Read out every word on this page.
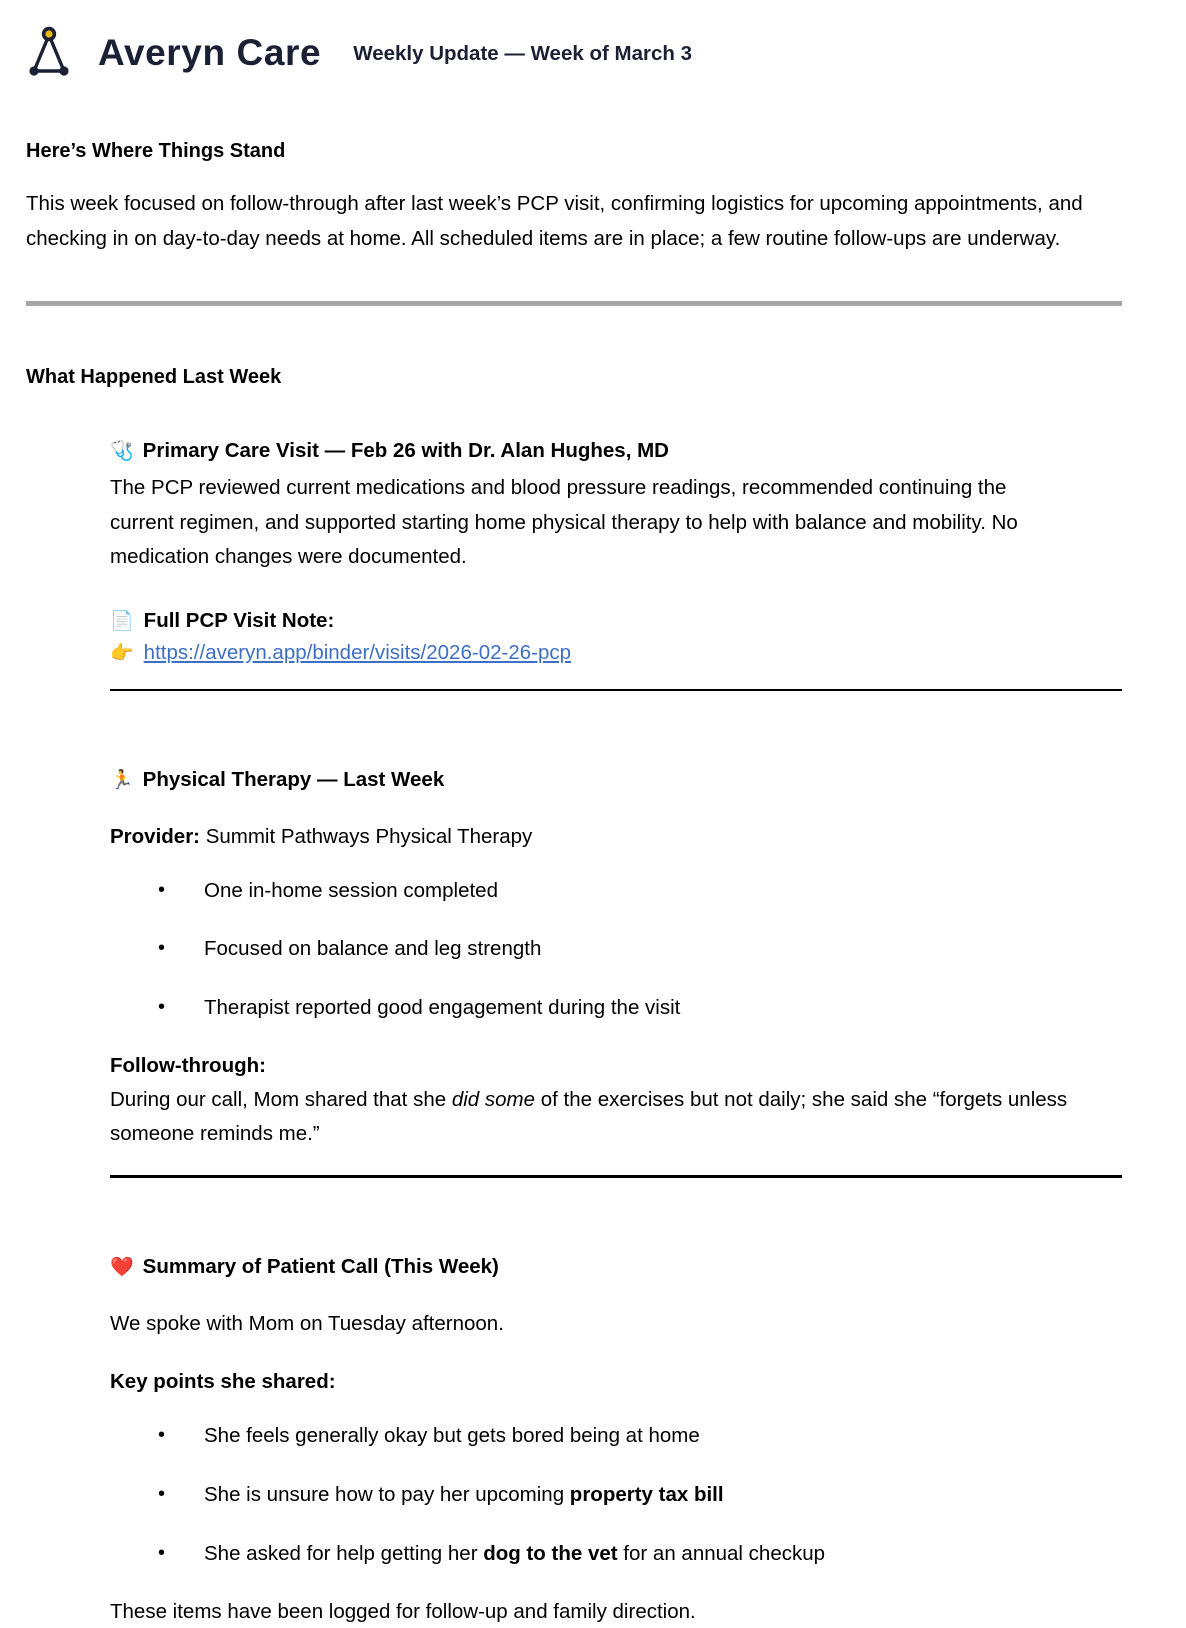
Averyn Care Weekly Update — Week of March 3
Here’s Where Things Stand

This week focused on follow-through after last week’s PCP visit, confirming logistics for upcoming appointments, and checking in on day-to-day needs at home. All scheduled items are in place; a few routine follow-ups are underway.

What Happened Last Week
🩺 Primary Care Visit — Feb 26 with Dr. Alan Hughes, MD

The PCP reviewed current medications and blood pressure readings, recommended continuing the current regimen, and supported starting home physical therapy to help with balance and mobility. No medication changes were documented.

📄 Full PCP Visit Note:
👉 https://averyn.app/binder/visits/2026-02-26-pcp
🏃 Physical Therapy — Last Week

Provider: Summit Pathways Physical Therapy

• One in-home session completed
• Focused on balance and leg strength
• Therapist reported good engagement during the visit

Follow-through:

During our call, Mom shared that she did some of the exercises but not daily; she said she “forgets unless someone reminds me.”

❤️ Summary of Patient Call (This Week)

We spoke with Mom on Tuesday afternoon.

Key points she shared:

• She feels generally okay but gets bored being at home
• She is unsure how to pay her upcoming property tax bill
• She asked for help getting her dog to the vet for an annual checkup

These items have been logged for follow-up and family direction.
